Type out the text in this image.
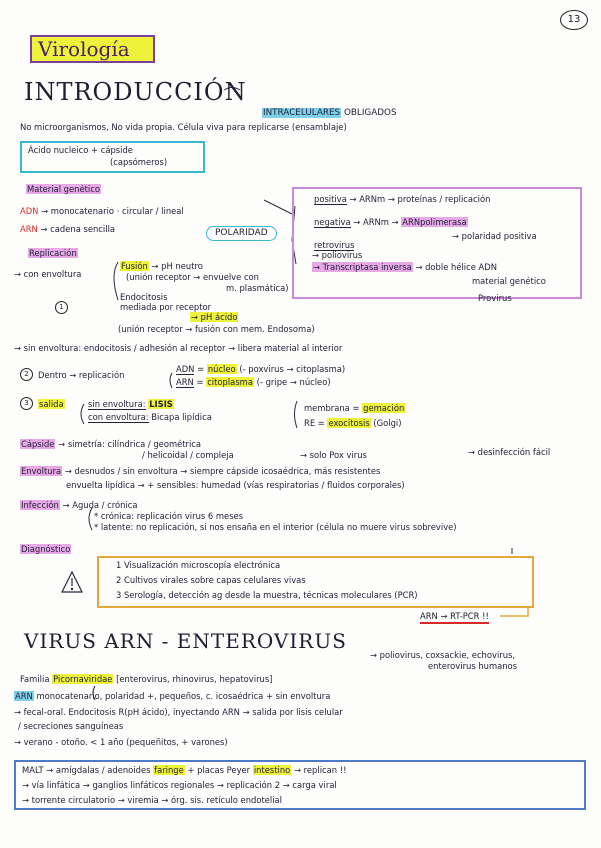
13
Virología
INTRODUCCIÓN
INTRACELULARES OBLIGADOS
No microorganismos, No vida propia. Célula viva para replicarse (ensamblaje)
Ácido nucleico + cápside
(capsómeros)
Material genético
ADN → monocatenario · circular / lineal
ARN → cadena sencilla	POLARIDAD
positiva → ARNm → proteínas / replicación
negativa → ARNm → ARNpolimerasa
→ polaridad positiva
retrovirus
→ poliovirus
→ Transcriptasa inversa → doble hélice ADN
material genético
Provirus
Replicación
→ con envoltura
Fusión → pH neutro
(unión receptor → envuelve con
m. plasmática)
Endocitosis
mediada por receptor
→ pH ácido
(unión receptor → fusión con mem. Endosoma)
1
→ sin envoltura: endocitosis / adhesión al receptor → libera material al interior
2	Dentro → replicación
ADN = núcleo (- poxvirus → citoplasma)
ARN = citoplasma (- gripe → núcleo)
3	salida	sin envoltura: LISIS
con envoltura: Bicapa lipídica
membrana = gemación
RE = exocitosis (Golgi)
Cápside → simetría: cilíndrica / geométrica
/ helicoidal / compleja	→ solo Pox virus	→ desinfección fácil
Envoltura → desnudos / sin envoltura → siempre cápside icosaédrica, más resistentes
envuelta lipídica → + sensibles: humedad (vías respiratorias / fluidos corporales)
Infección → Aguda / crónica
* crónica: replicación virus 6 meses
* latente: no replicación, si nos ensaña en el interior (célula no muere virus sobrevive)
Diagnóstico
1 Visualización microscopía electrónica
2 Cultivos virales sobre capas celulares vivas
3 Serología, detección ag desde la muestra, técnicas moleculares (PCR)
ARN → RT-PCR !!
VIRUS ARN - ENTEROVIRUS
→ poliovirus, coxsackie, echovirus,
enterovirus humanos
Familia Picornaviridae [enterovirus, rhinovirus, hepatovirus]
ARN monocatenario, polaridad +, pequeños, c. icosaédrica + sin envoltura
→ fecal-oral. Endocitosis R(pH ácido), inyectando ARN → salida por lisis celular
/ secreciones sanguíneas
→ verano - otoño. < 1 año (pequeñitos, + varones)
MALT → amígdalas / adenoides faringe + placas Peyer intestino → replican !!
→ vía linfática → ganglios linfáticos regionales → replicación 2 → carga viral
→ torrente circulatorio → viremia → órg. sis. retículo endotelial
